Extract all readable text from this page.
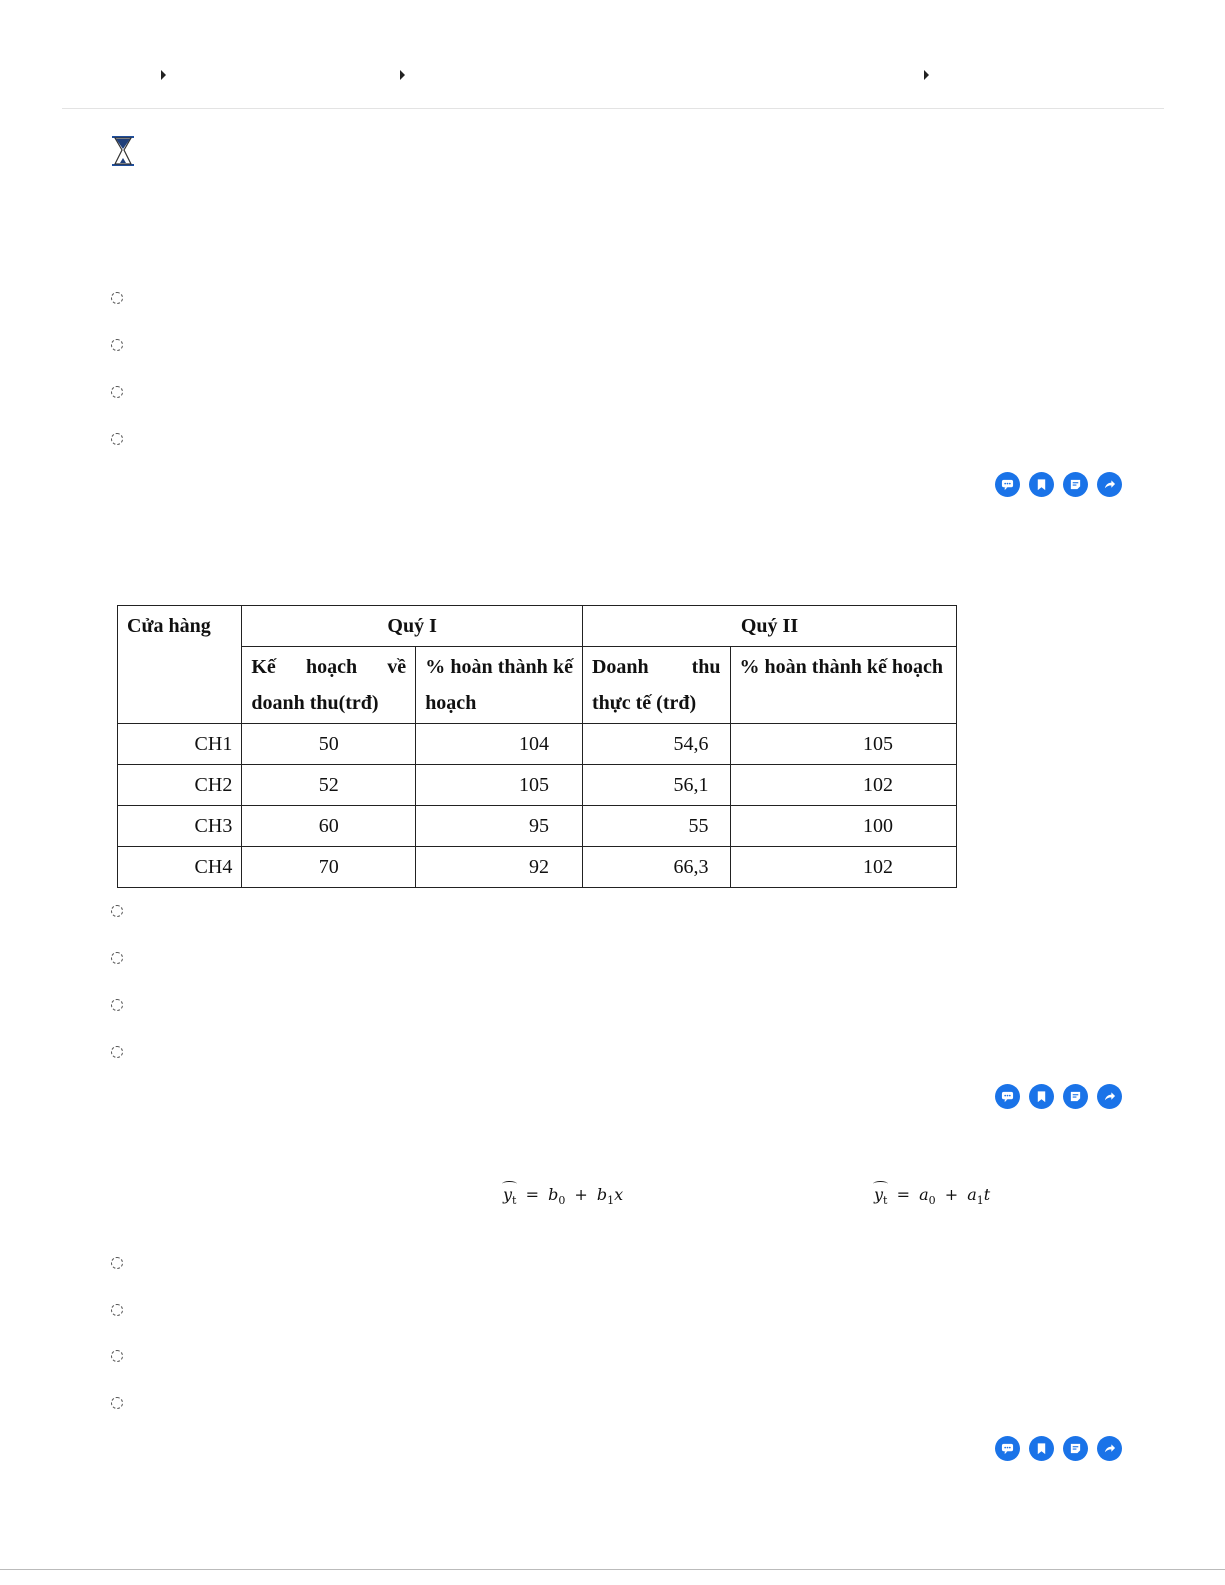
Cửa hàng	Quý I		Quý II	
	Kế hoạch về doanh thu(trđ)	% hoàn thành kế hoạch	Doanh thu thực tế (trđ)	% hoàn thành kế hoạch
CH1	50	104	54,6	105
CH2	52	105	56,1	102
CH3	60	95	55	100
CH4	70	92	66,3	102
$y_t = b_0 + b_1x$	$y_t = a_0 + a_1t$
